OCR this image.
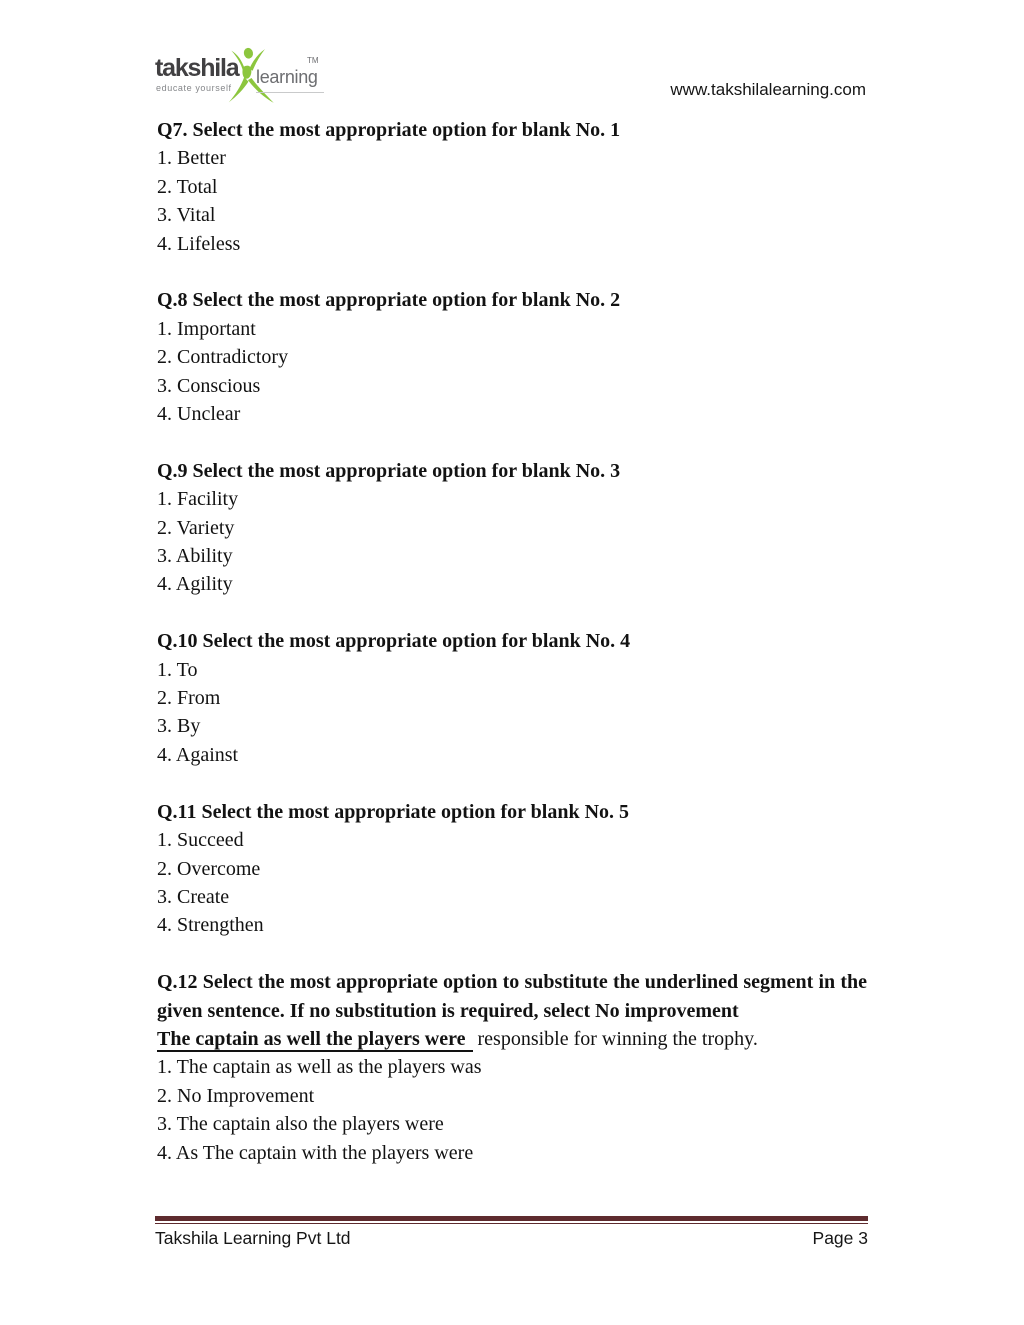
takshila
educate yourself
learning
TM
www.takshilalearning.com

Q7. Select the most appropriate option for blank No. 1

1. Better

2. Total

3. Vital

4. Lifeless

Q.8 Select the most appropriate option for blank No. 2

1. Important

2. Contradictory

3. Conscious

4. Unclear

Q.9 Select the most appropriate option for blank No. 3

1. Facility

2. Variety

3. Ability

4. Agility

Q.10 Select the most appropriate option for blank No. 4

1. To

2. From

3. By

4. Against

Q.11 Select the most appropriate option for blank No. 5

1. Succeed

2. Overcome

3. Create

4. Strengthen

Q.12 Select the most appropriate option to substitute the underlined segment in the given sentence. If no substitution is required, select No improvement

The captain as well the players were responsible for winning the trophy.

1. The captain as well as the players was

2. No Improvement

3. The captain also the players were

4. As The captain with the players were

Takshila Learning Pvt Ltd	Page 3
